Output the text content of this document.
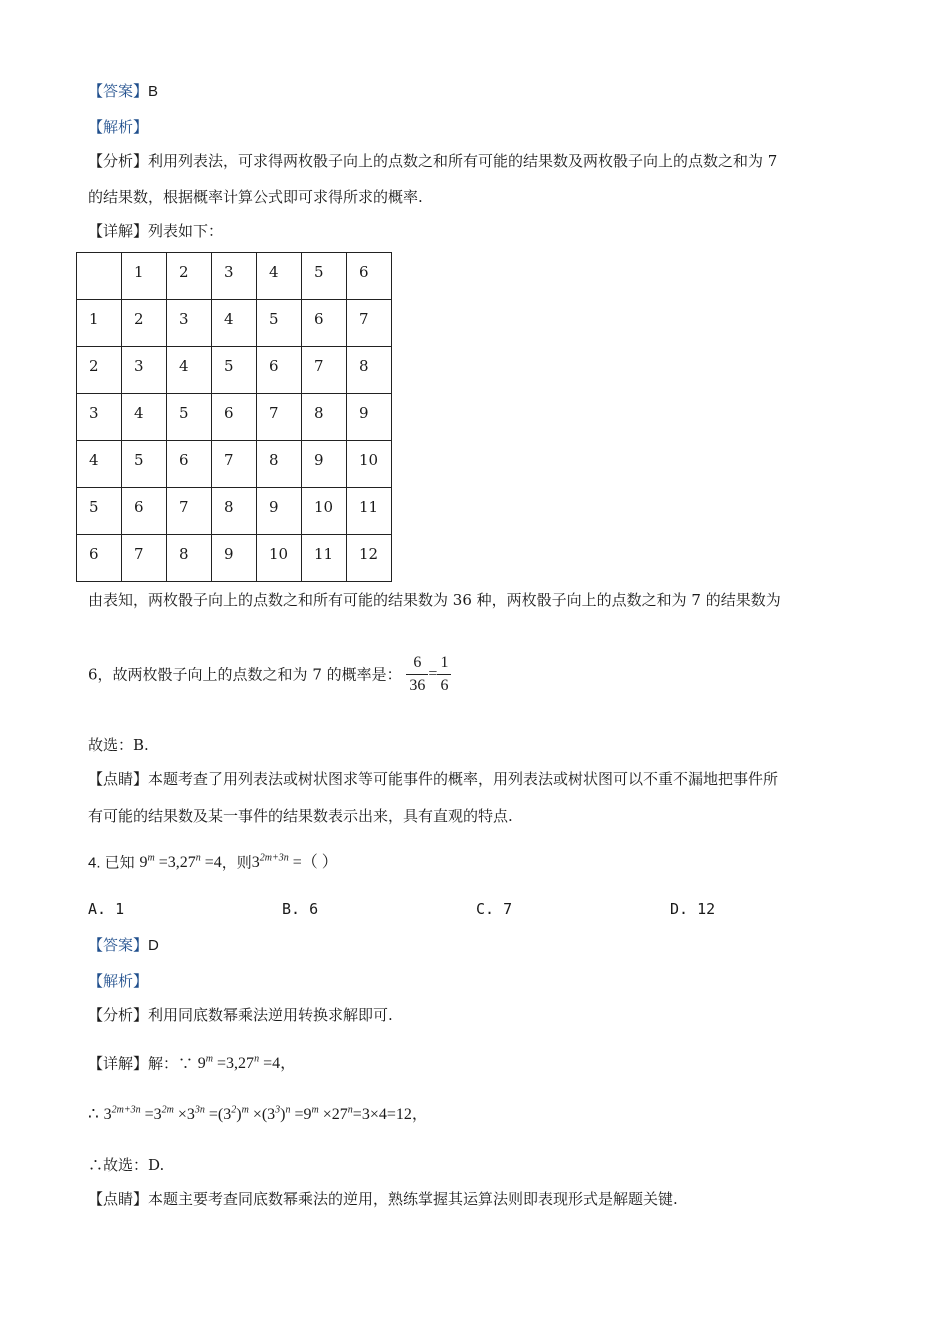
【答案】B
【解析】
【分析】利用列表法，可求得两枚骰子向上的点数之和所有可能的结果数及两枚骰子向上的点数之和为 7
的结果数，根据概率计算公式即可求得所求的概率.
【详解】列表如下：
	1	2	3	4	5	6
1	2	3	4	5	6	7
2	3	4	5	6	7	8
3	4	5	6	7	8	9
4	5	6	7	8	9	10
5	6	7	8	9	10	11
6	7	8	9	10	11	12
由表知，两枚骰子向上的点数之和所有可能的结果数为 36 种，两枚骰子向上的点数之和为 7 的结果数为
6，故两枚骰子向上的点数之和为 7 的概率是： $\frac{6}{36} = \frac{1}{6}$
故选：B.
【点睛】本题考查了用列表法或树状图求等可能事件的概率，用列表法或树状图可以不重不漏地把事件所
有可能的结果数及某一事件的结果数表示出来，具有直观的特点.
4. 已知 $9^m =3,27^n =4$，则$3^{2m+3n}$ =（ ）
A. 1	B. 6	C. 7	D. 12
【答案】D
【解析】
【分析】利用同底数幂乘法逆用转换求解即可.
【详解】解：∵ $9^m =3,27^n =4$，
∴ $3^{2m+3n} =3^{2m} \times 3^{3n} =(3^2)^m \times(3^3)^n =9^m \times 27^n=3\times 4=12$，
∴故选：D.
【点睛】本题主要考查同底数幂乘法的逆用，熟练掌握其运算法则即表现形式是解题关键.
